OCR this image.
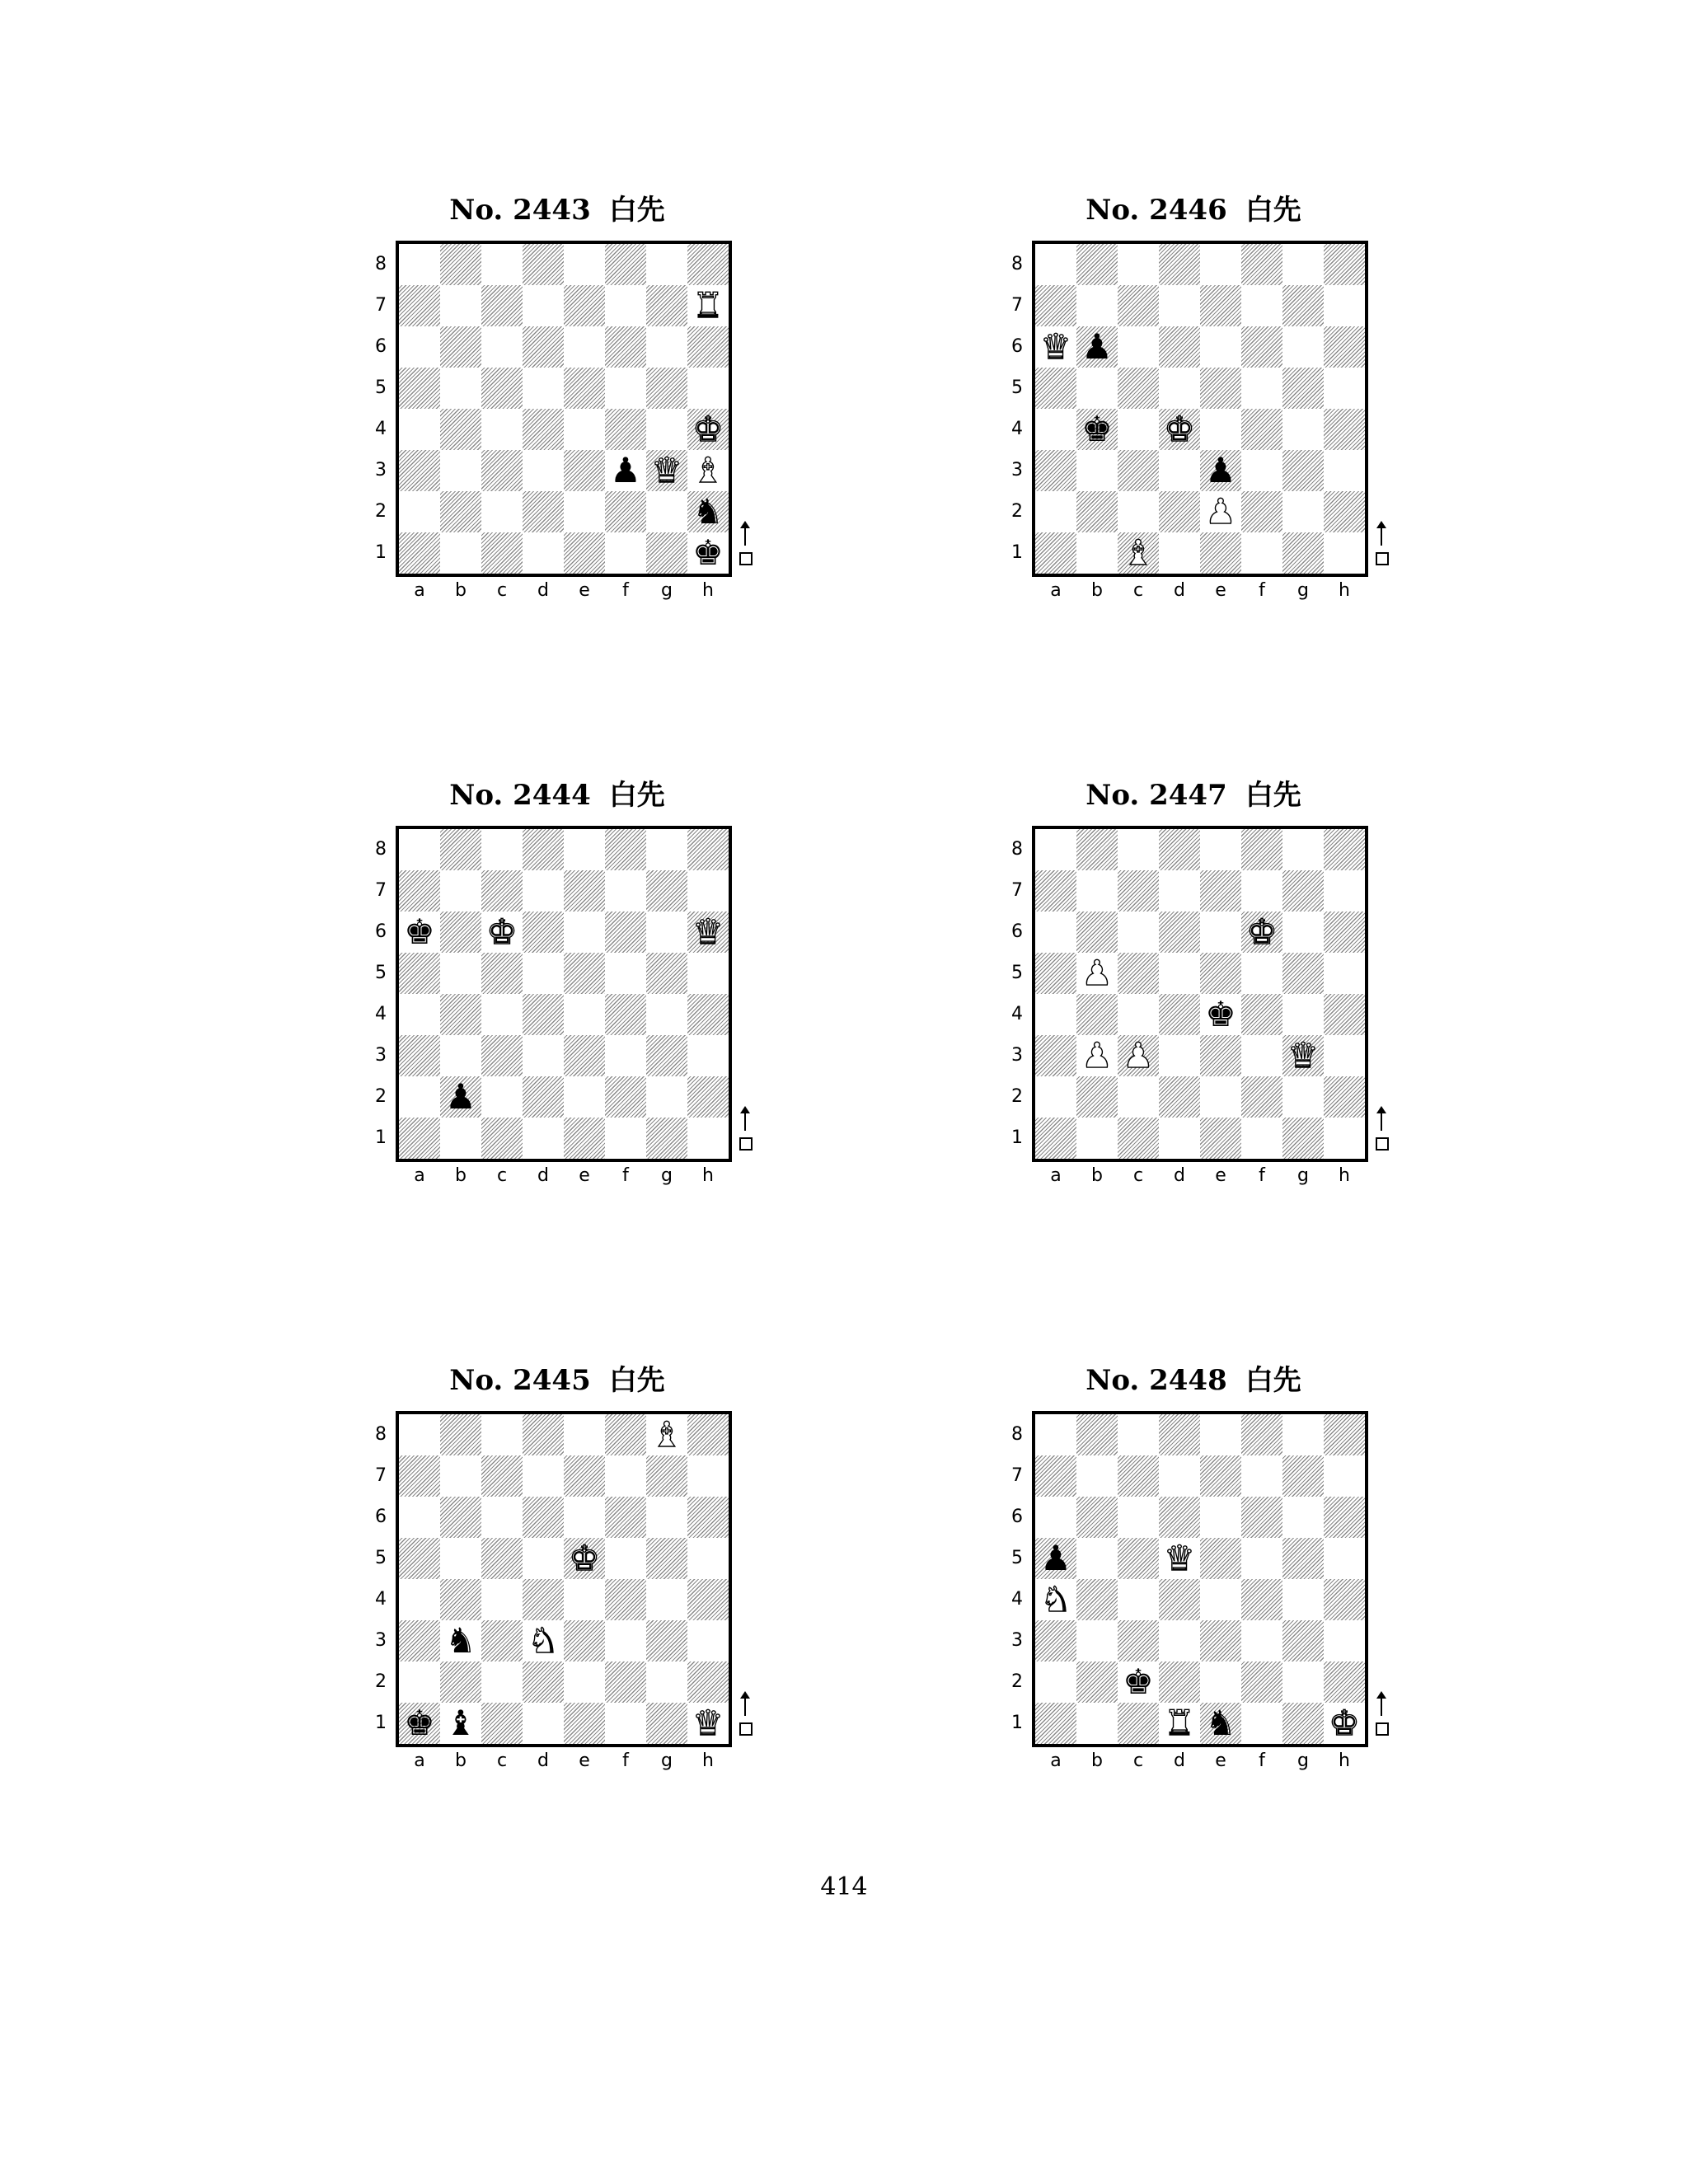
No. 2443 白先
♜
♚
♟ ♛ ♝
♞
♚
8
7
6
5
4
3
2
1
a	b	c	d	e	f	g	h
No. 2444 白先
♚ ♚	♛
♟
8
7
6
5
4
3
2
1
a	b	c	d	e	f	g	h
No. 2445 白先
♝
♚
♞ ♞
♚ ♝	♛
8
7
6
5
4
3
2
1
a	b	c	d	e	f	g	h
No. 2446 白先
♛ ♟
♚ ♚
♟
♟
♝
8
7
6
5
4
3
2
1
a	b	c	d	e	f	g	h
No. 2447 白先
♚
♟
♚
♟ ♟	♛
8
7
6
5
4
3
2
1
a	b	c	d	e	f	g	h
No. 2448 白先
♟	♛
♞
♚
♜ ♞	♚
8
7
6
5
4
3
2
1
a	b	c	d	e	f	g	h
414
